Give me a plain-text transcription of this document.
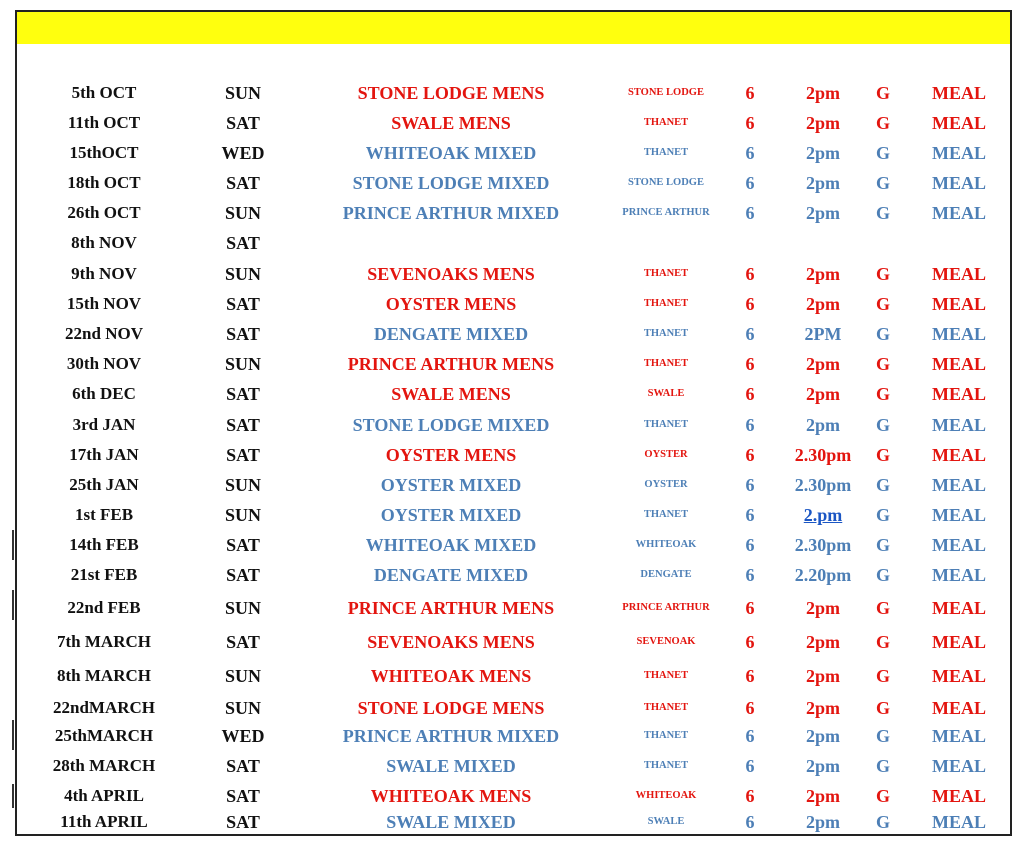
5th OCT	SUN	STONE LODGE MENS	STONE LODGE 6	2pm G MEAL
11th OCT	SAT	SWALE MENS	THANET	6	2pm G MEAL
15thOCT	WED	WHITEOAK MIXED	THANET	6	2pm G MEAL
18th OCT	SAT	STONE LODGE MIXED	STONE LODGE 6	2pm G MEAL
26th OCT	SUN	PRINCE ARTHUR MIXED	PRINCE ARTHUR 6	2pm G MEAL
8th NOV	SAT
9th NOV	SUN	SEVENOAKS MENS	THANET	6	2pm G MEAL
15th NOV	SAT	OYSTER MENS	THANET	6	2pm G MEAL
22nd NOV	SAT	DENGATE MIXED	THANET	6	2PM G MEAL
30th NOV	SUN	PRINCE ARTHUR MENS	THANET	6	2pm G MEAL
6th DEC	SAT	SWALE MENS	SWALE	6	2pm G MEAL
3rd JAN	SAT	STONE LODGE MIXED	THANET	6	2pm G MEAL
17th JAN	SAT	OYSTER MENS	OYSTER	6 2.30pm G MEAL
25th JAN	SUN	OYSTER MIXED	OYSTER	6 2.30pm G MEAL
1st FEB	SUN	OYSTER MIXED	THANET	6	2.pm G MEAL
14th FEB	SAT	WHITEOAK MIXED	WHITEOAK	6 2.30pm G MEAL
21st FEB	SAT	DENGATE MIXED	DENGATE	6 2.20pm G MEAL
22nd FEB	SUN	PRINCE ARTHUR MENS	PRINCE ARTHUR 6	2pm G MEAL
7th MARCH	SAT	SEVENOAKS MENS	SEVENOAK	6	2pm G MEAL
8th MARCH	SUN	WHITEOAK MENS	THANET	6	2pm G MEAL
22ndMARCH	SUN	STONE LODGE MENS	THANET	6	2pm G MEAL
25thMARCH	WED	PRINCE ARTHUR MIXED	THANET	6	2pm G MEAL
28th MARCH	SAT	SWALE MIXED	THANET	6	2pm G MEAL
4th APRIL	SAT	WHITEOAK MENS	WHITEOAK	6	2pm G MEAL
11th APRIL	SAT	SWALE MIXED	SWALE	6	2pm G MEAL
